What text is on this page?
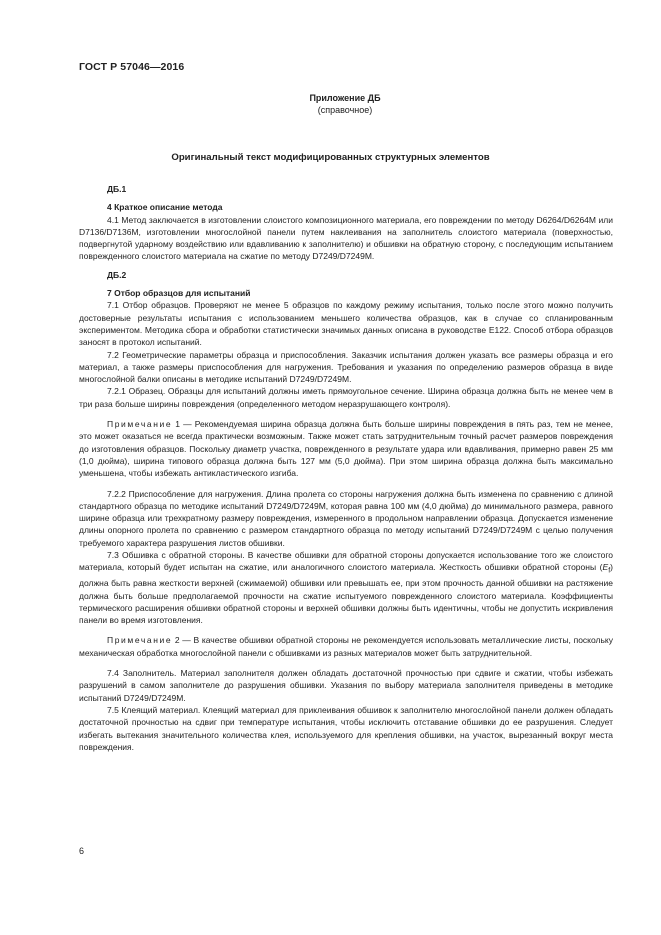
ГОСТ Р 57046—2016
Приложение ДБ
(справочное)
Оригинальный текст модифицированных структурных элементов

ДБ.1

4 Краткое описание метода

4.1 Метод заключается в изготовлении слоистого композиционного материала, его повреждении по методу D6264/D6264M или D7136/D7136M, изготовлении многослойной панели путем наклеивания на заполнитель слоистого материала (поверхностью, подвергнутой ударному воздействию или вдавливанию к заполнителю) и обшивки на обратную сторону, с последующим испытанием поврежденного слоистого материала на сжатие по методу D7249/D7249M.

ДБ.2

7 Отбор образцов для испытаний

7.1 Отбор образцов. Проверяют не менее 5 образцов по каждому режиму испытания, только после этого можно получить достоверные результаты испытания с использованием меньшего количества образцов, как в случае со спланированным экспериментом. Методика сбора и обработки статистически значимых данных описана в руководстве E122. Способ отбора образцов заносят в протокол испытаний.

7.2 Геометрические параметры образца и приспособления. Заказчик испытания должен указать все размеры образца и его материал, а также размеры приспособления для нагружения. Требования и указания по определению размеров образца в виде многослойной балки описаны в методике испытаний D7249/D7249M.

7.2.1 Образец. Образцы для испытаний должны иметь прямоугольное сечение. Ширина образца должна быть не менее чем в три раза больше ширины повреждения (определенного методом неразрушающего контроля).

Примечание 1 — Рекомендуемая ширина образца должна быть больше ширины повреждения в пять раз, тем не менее, это может оказаться не всегда практически возможным. Также может стать затруднительным точный расчет размеров повреждения до изготовления образцов. Поскольку диаметр участка, поврежденного в результате удара или вдавливания, примерно равен 25 мм (1,0 дюйма), ширина типового образца должна быть 127 мм (5,0 дюйма). При этом ширина образца должна быть максимально уменьшена, чтобы избежать антикластического изгиба.

7.2.2 Приспособление для нагружения. Длина пролета со стороны нагружения должна быть изменена по сравнению с длиной стандартного образца по методике испытаний D7249/D7249M, которая равна 100 мм (4,0 дюйма) до минимального размера, равного ширине образца или трехкратному размеру повреждения, измеренного в продольном направлении образца. Допускается изменение длины опорного пролета по сравнению с размером стандартного образца по методу испытаний D7249/D7249M с целью получения требуемого характера разрушения листов обшивки.

7.3 Обшивка с обратной стороны. В качестве обшивки для обратной стороны допускается использование того же слоистого материала, который будет испытан на сжатие, или аналогичного слоистого материала. Жесткость обшивки обратной стороны $(E_f)$ должна быть равна жесткости верхней (сжимаемой) обшивки или превышать ее, при этом прочность данной обшивки на растяжение должна быть больше предполагаемой прочности на сжатие испытуемого поврежденного слоистого материала. Коэффициенты термического расширения обшивки обратной стороны и верхней обшивки должны быть идентичны, чтобы не допустить искривления панели во время изготовления.

Примечание 2 — В качестве обшивки обратной стороны не рекомендуется использовать металлические листы, поскольку механическая обработка многослойной панели с обшивками из разных материалов может быть затруднительной.

7.4 Заполнитель. Материал заполнителя должен обладать достаточной прочностью при сдвиге и сжатии, чтобы избежать разрушений в самом заполнителе до разрушения обшивки. Указания по выбору материала заполнителя приведены в методике испытаний D7249/D7249M.

7.5 Клеящий материал. Клеящий материал для приклеивания обшивок к заполнителю многослойной панели должен обладать достаточной прочностью на сдвиг при температуре испытания, чтобы исключить отставание обшивки до ее разрушения. Следует избегать вытекания значительного количества клея, используемого для крепления обшивки, на участок, вырезанный вокруг места повреждения.

6
